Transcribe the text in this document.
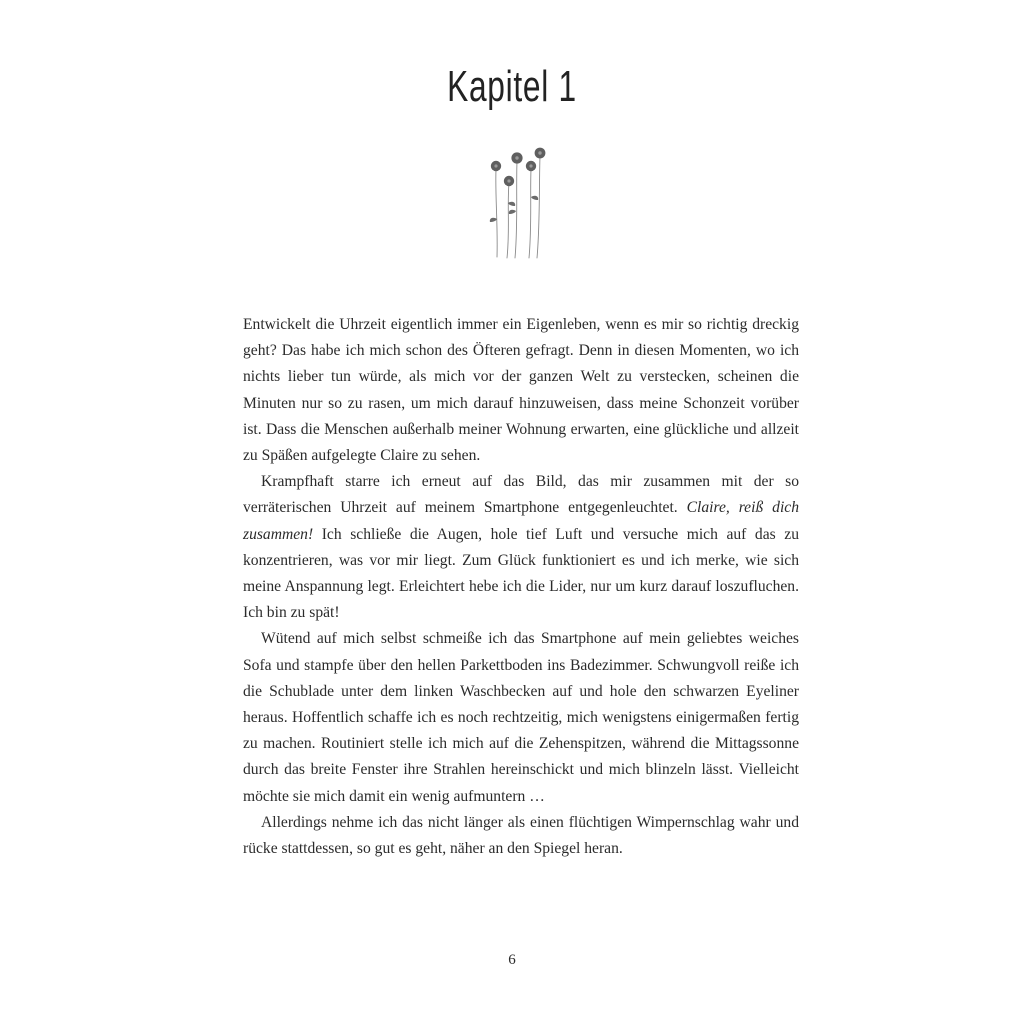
Kapitel 1

Entwickelt die Uhrzeit eigentlich immer ein Eigenleben, wenn es mir so richtig dreckig geht? Das habe ich mich schon des Öfteren gefragt. Denn in diesen Momenten, wo ich nichts lieber tun würde, als mich vor der ganzen Welt zu verstecken, scheinen die Minuten nur so zu rasen, um mich darauf hinzuweisen, dass meine Schonzeit vorüber ist. Dass die Menschen außerhalb meiner Wohnung erwarten, eine glückliche und allzeit zu Späßen aufgelegte Claire zu sehen.

Krampfhaft starre ich erneut auf das Bild, das mir zusammen mit der so verräterischen Uhrzeit auf meinem Smartphone entgegenleuchtet. Claire, reiß dich zusammen! Ich schließe die Augen, hole tief Luft und versuche mich auf das zu konzentrieren, was vor mir liegt. Zum Glück funktioniert es und ich merke, wie sich meine Anspannung legt. Erleichtert hebe ich die Lider, nur um kurz darauf loszufluchen. Ich bin zu spät!

Wütend auf mich selbst schmeiße ich das Smartphone auf mein geliebtes weiches Sofa und stampfe über den hellen Parkettboden ins Badezimmer. Schwungvoll reiße ich die Schublade unter dem linken Waschbecken auf und hole den schwarzen Eyeliner heraus. Hoffentlich schaffe ich es noch rechtzeitig, mich wenigstens einigermaßen fertig zu machen. Routiniert stelle ich mich auf die Zehenspitzen, während die Mittagssonne durch das breite Fenster ihre Strahlen hereinschickt und mich blinzeln lässt. Vielleicht möchte sie mich damit ein wenig aufmuntern …

Allerdings nehme ich das nicht länger als einen flüchtigen Wimpernschlag wahr und rücke stattdessen, so gut es geht, näher an den Spiegel heran.

6
